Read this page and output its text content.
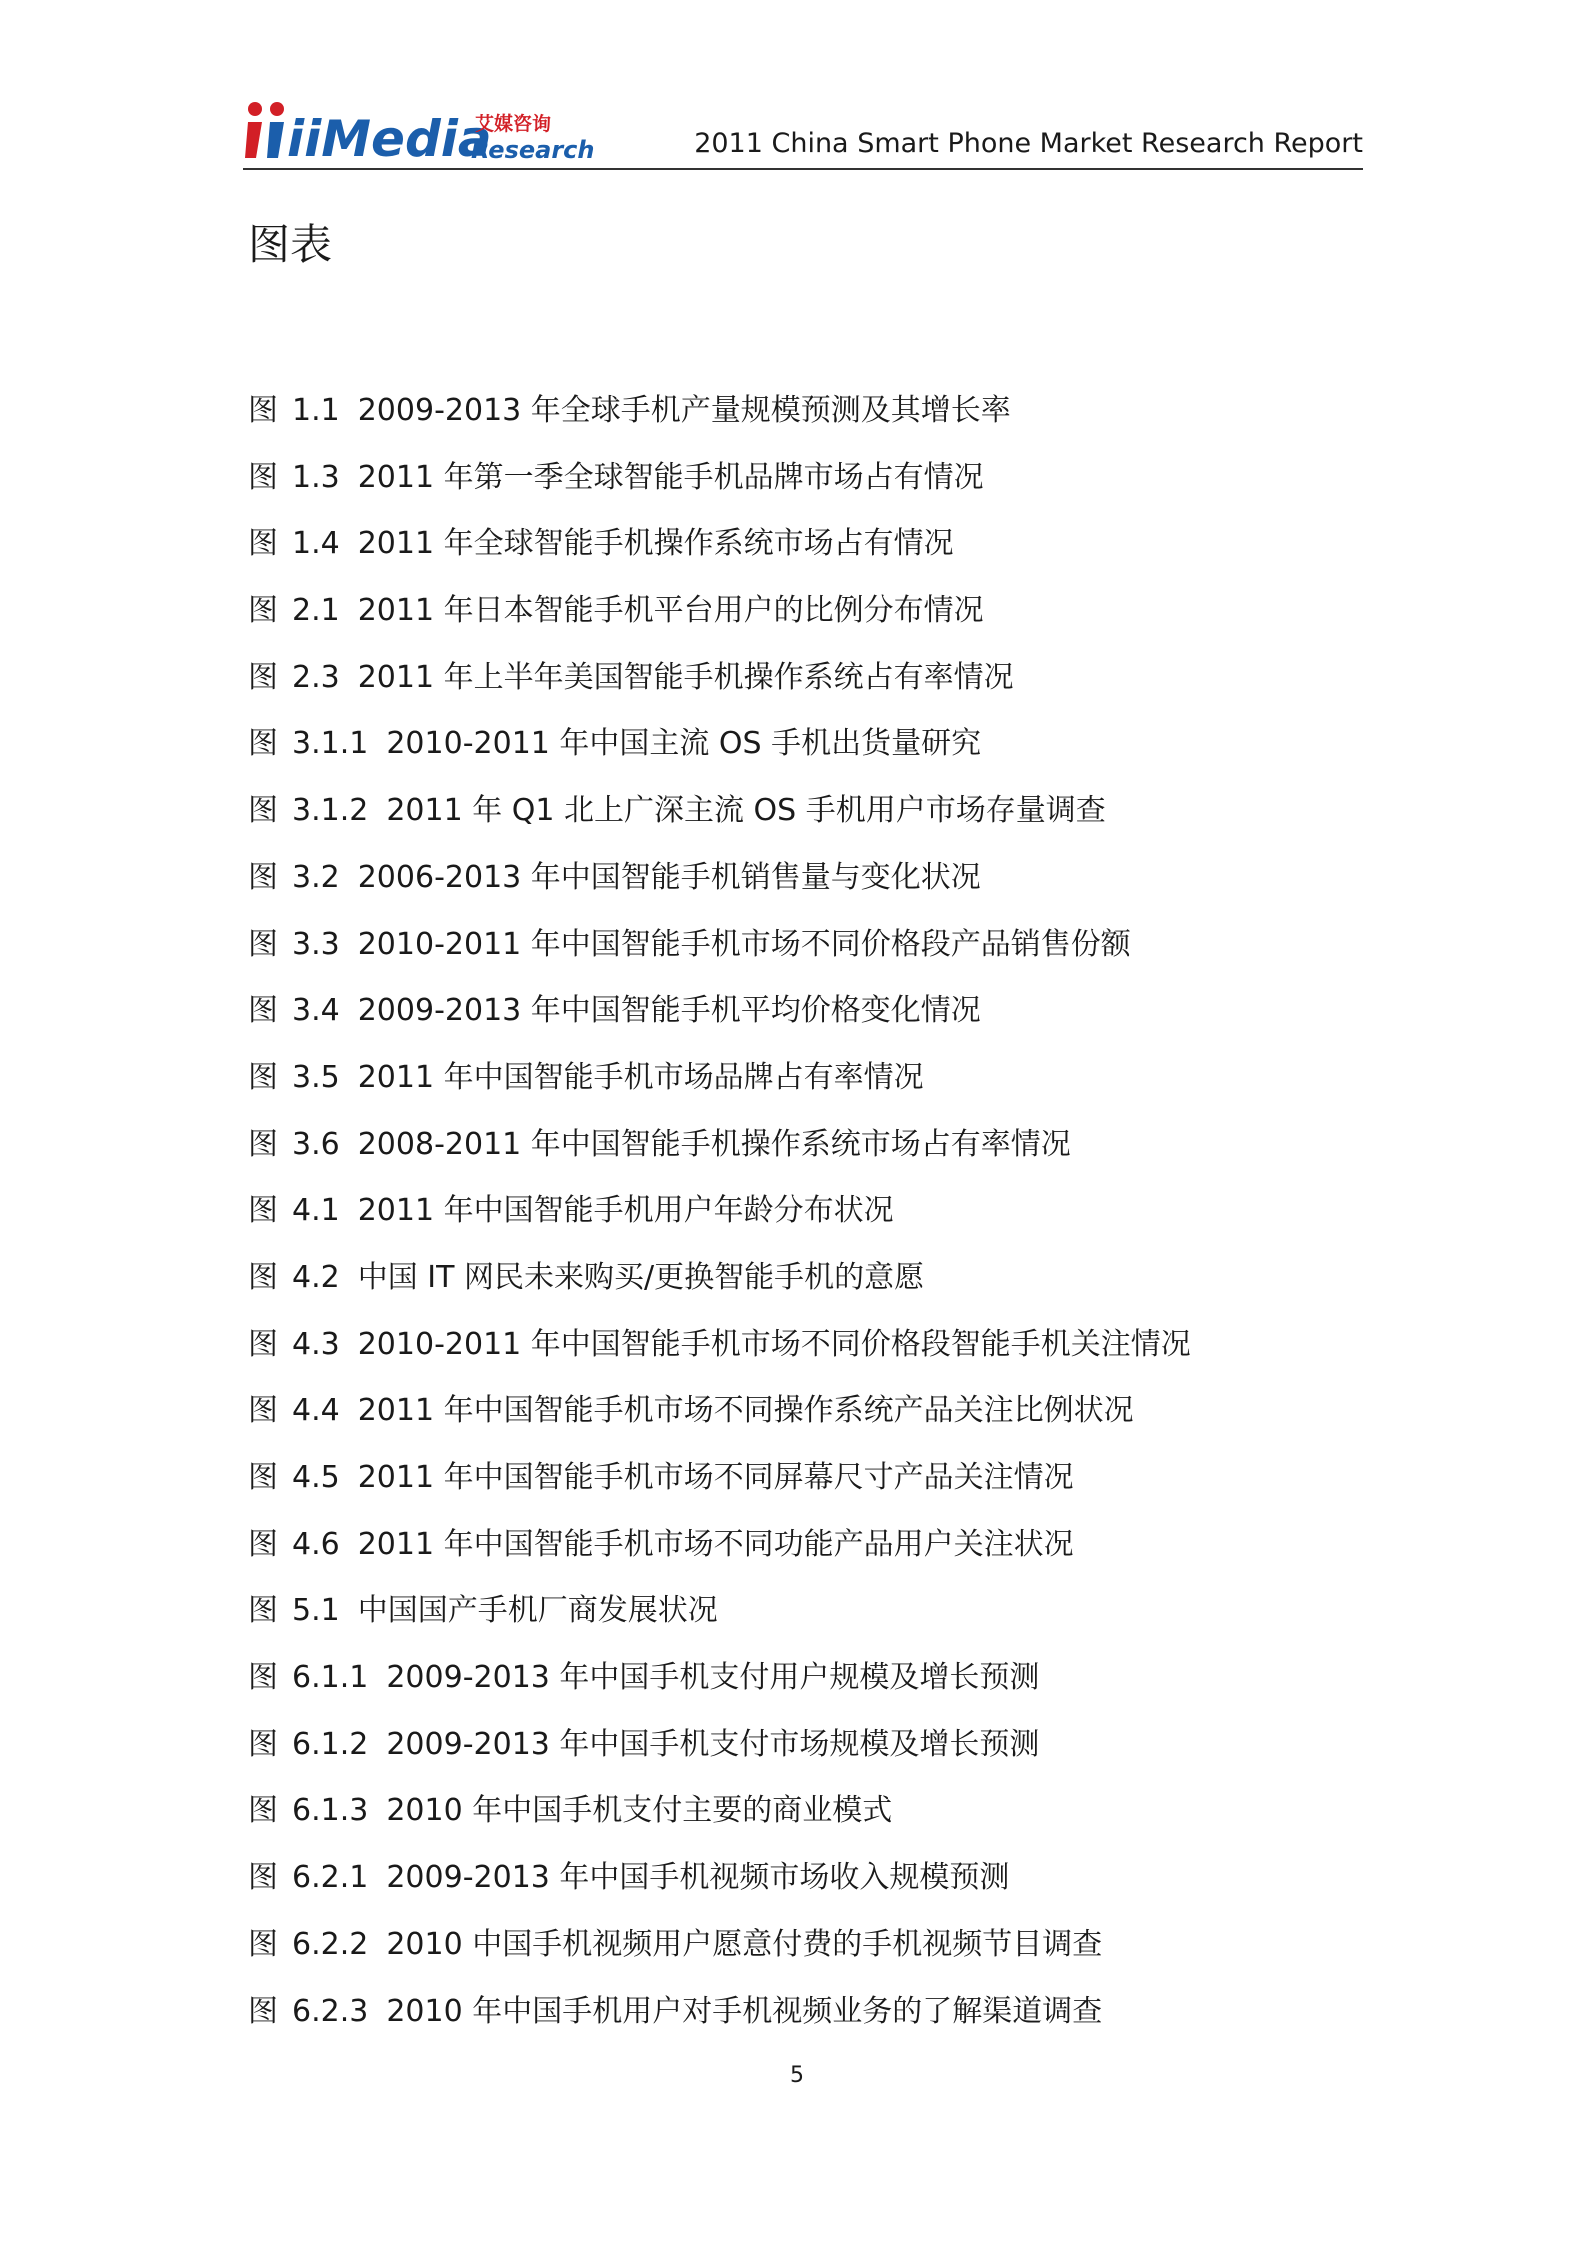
iiMedia
艾媒咨询
Research	2011 China Smart Phone Market Research Report
图表
图 1.1 2009-2013 年全球手机产量规模预测及其增长率
图 1.3 2011 年第一季全球智能手机品牌市场占有情况
图 1.4 2011 年全球智能手机操作系统市场占有情况
图 2.1 2011 年日本智能手机平台用户的比例分布情况
图 2.3 2011 年上半年美国智能手机操作系统占有率情况
图 3.1.1 2010-2011 年中国主流 OS 手机出货量研究
图 3.1.2 2011 年 Q1 北上广深主流 OS 手机用户市场存量调查
图 3.2 2006-2013 年中国智能手机销售量与变化状况
图 3.3 2010-2011 年中国智能手机市场不同价格段产品销售份额
图 3.4 2009-2013 年中国智能手机平均价格变化情况
图 3.5 2011 年中国智能手机市场品牌占有率情况
图 3.6 2008-2011 年中国智能手机操作系统市场占有率情况
图 4.1 2011 年中国智能手机用户年龄分布状况
图 4.2 中国 IT 网民未来购买/更换智能手机的意愿
图 4.3 2010-2011 年中国智能手机市场不同价格段智能手机关注情况
图 4.4 2011 年中国智能手机市场不同操作系统产品关注比例状况
图 4.5 2011 年中国智能手机市场不同屏幕尺寸产品关注情况
图 4.6 2011 年中国智能手机市场不同功能产品用户关注状况
图 5.1 中国国产手机厂商发展状况
图 6.1.1 2009-2013 年中国手机支付用户规模及增长预测
图 6.1.2 2009-2013 年中国手机支付市场规模及增长预测
图 6.1.3 2010 年中国手机支付主要的商业模式
图 6.2.1 2009-2013 年中国手机视频市场收入规模预测
图 6.2.2 2010 中国手机视频用户愿意付费的手机视频节目调查
图 6.2.3 2010 年中国手机用户对手机视频业务的了解渠道调查
5
